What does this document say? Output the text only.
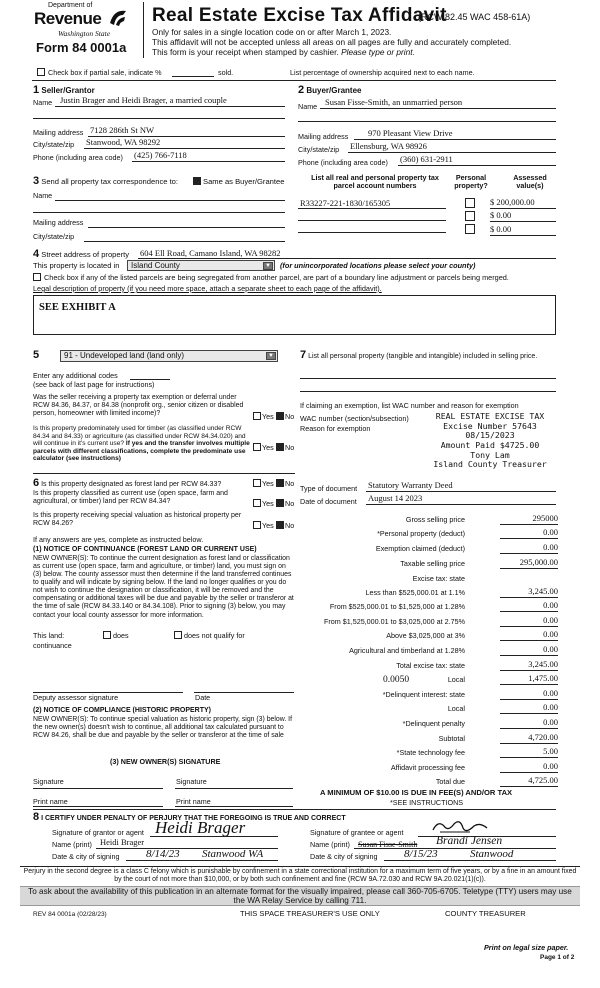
Department of
Revenue
Washington State
Form 84 0001a
Real Estate Excise Tax Affidavit
(RCW 82.45 WAC 458-61A)
Only for sales in a single location code on or after March 1, 2023.
This affidavit will not be accepted unless all areas on all pages are fully and accurately completed.
This form is your receipt when stamped by cashier. Please type or print.
Check box if partial sale, indicate %	sold.	List percentage of ownership acquired next to each name.
1 Seller/Grantor
Name Justin Brager and Heidi Brager, a married couple
Mailing address 7128 286th St NW
City/state/zip Stanwood, WA 98292
Phone (including area code) (425) 766-7118
2 Buyer/Grantee
Name Susan Fisse-Smith, an unmarried person
Mailing address 970 Pleasant View Drive
City/state/zip Ellensburg, WA 98926
Phone (including area code) (360) 631-2911
3 Send all property tax correspondence to:	Same as Buyer/Grantee
Name
Mailing address
City/state/zip
List all real and personal property tax parcel account numbers
Personal property?
Assessed value(s)
R33227-221-1830/165305	$ 200,000.00
$ 0.00
$ 0.00
4 Street address of property 604 Ell Road, Camano Island, WA 98282
This property is located in	Island County	▼ (for unincorporated locations please select your county)
Check box if any of the listed parcels are being segregated from another parcel, are part of a boundary line adjustment or parcels being merged.
Legal description of property (if you need more space, attach a separate sheet to each page of the affidavit).
SEE EXHIBIT A
5	91 - Undeveloped land (land only)	▼
Enter any additional codes
(see back of last page for instructions)
Was the seller receiving a property tax exemption or deferral under RCW 84.36, 84.37, or 84.38 (nonprofit org., senior citizen or disabled person, homeowner with limited income)?	Yes No
Is this property predominately used for timber (as classified under RCW 84.34 and 84.33) or agriculture (as classified under RCW 84.34.020) and will continue in it's current use? If yes and the transfer involves multiple parcels with different classifications, complete the predominate use calculator (see instructions)
Yes No
6 Is this property designated as forest land per RCW 84.33?	Yes No
Is this property classified as current use (open space, farm and agricultural, or timber) land per RCW 84.34?	Yes No
Is this property receiving special valuation as historical property per RCW 84.26?	Yes No
If any answers are yes, complete as instructed below.
(1) NOTICE OF CONTINUANCE (FOREST LAND OR CURRENT USE)
NEW OWNER(S): To continue the current designation as forest land or classification as current use (open space, farm and agriculture, or timber) land, you must sign on (3) below. The county assessor must then determine if the land transferred continues to qualify and will indicate by signing below. If the land no longer qualifies or you do not wish to continue the designation or classification, it will be removed and the compensating or additional taxes will be due and payable by the seller or transferor at the time of sale (RCW 84.33.140 or 84.34.108). Prior to signing (3) below, you may contact your local county assessor for more information.
This land:	does	does not qualify for
continuance
Deputy assessor signature	Date
(2) NOTICE OF COMPLIANCE (HISTORIC PROPERTY)
NEW OWNER(S): To continue special valuation as historic property, sign (3) below. If the new owner(s) doesn't wish to continue, all additional tax calculated pursuant to RCW 84.26, shall be due and payable by the seller or transferor at the time of sale
(3) NEW OWNER(S) SIGNATURE
Signature	Signature
Print name	Print name
7 List all personal property (tangible and intangible) included in selling price.
If claiming an exemption, list WAC number and reason for exemption
WAC number (section/subsection)
Reason for exemption
REAL ESTATE EXCISE TAX
Excise Number 57643
08/15/2023
Amount Paid $4725.00
Tony Lam
Island County Treasurer
Type of document Statutory Warranty Deed
Date of document August 14 2023
Gross selling price	295000
*Personal property (deduct)	0.00
Exemption claimed (deduct)	0.00
Taxable selling price	295,000.00
Excise tax: state
Less than $525,000.01 at 1.1%	3,245.00
From $525,000.01 to $1,525,000 at 1.28%	0.00
From $1,525,000.01 to $3,025,000 at 2.75%	0.00
Above $3,025,000 at 3%	0.00
Agricultural and timberland at 1.28%	0.00
Total excise tax: state	3,245.00
Local	1,475.00
*Delinquent interest: state	0.00
Local	0.00
*Delinquent penalty	0.00
Subtotal	4,720.00
*State technology fee	5.00
Affidavit processing fee	0.00
Total due	4,725.00
0.0050
A MINIMUM OF $10.00 IS DUE IN FEE(S) AND/OR TAX
*SEE INSTRUCTIONS
8 I CERTIFY UNDER PENALTY OF PERJURY THAT THE FOREGOING IS TRUE AND CORRECT
Signature of grantor or agent Heidi Brager
Name (print) Heidi Brager
Date & city of signing 8/14/23 Stanwood WA
Signature of grantee or agent
Name (print) Susan Fisse-Smith Brandi Jensen
Date & city of signing 8/15/23	Stanwood
Perjury in the second degree is a class C felony which is punishable by confinement in a state correctional institution for a maximum term of five years, or by a fine in an amount fixed by the court of not more than $10,000, or by both such confinement and fine (RCW 9A.72.030 and RCW 9A.20.021(1)(c)).
To ask about the availability of this publication in an alternate format for the visually impaired, please call 360-705-6705. Teletype (TTY) users may use the WA Relay Service by calling 711.
REV 84 0001a (02/28/23)	THIS SPACE TREASURER'S USE ONLY	COUNTY TREASURER
Print on legal size paper.
Page 1 of 2
